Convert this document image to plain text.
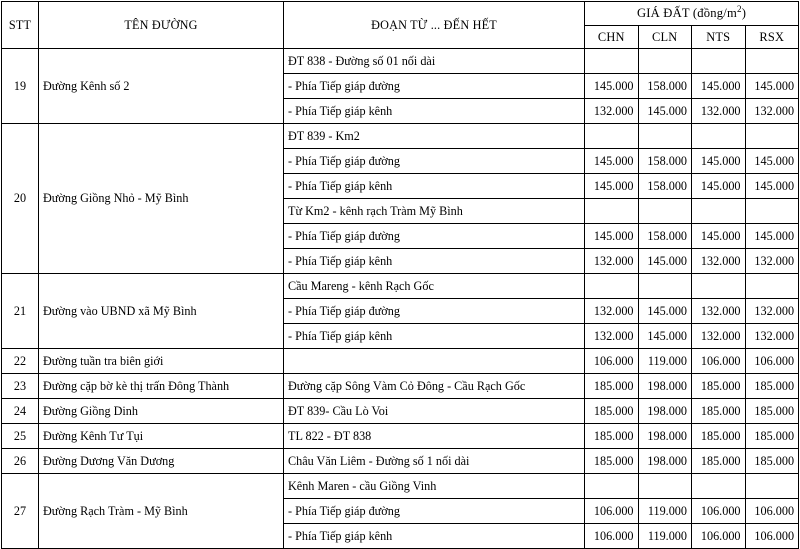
STT	TÊN ĐƯỜNG	ĐOẠN TỪ ... ĐẾN HẾT	GIÁ ĐẤT $(đồng/m^2)$			
			CHN	CLN	NTS	RSX
19	Đường Kênh số 2	ĐT 838 - Đường số 01 nối dài				
		- Phía Tiếp giáp đường	145.000	158.000	145.000	145.000
		- Phía Tiếp giáp kênh	132.000	145.000	132.000	132.000
20	Đường Giồng Nhỏ - Mỹ Bình	ĐT 839 - Km2				
		- Phía Tiếp giáp đường	145.000	158.000	145.000	145.000
		- Phía Tiếp giáp kênh	145.000	158.000	145.000	145.000
		Từ Km2 - kênh rạch Tràm Mỹ Bình				
		- Phía Tiếp giáp đường	145.000	158.000	145.000	145.000
		- Phía Tiếp giáp kênh	132.000	145.000	132.000	132.000
21	Đường vào UBND xã Mỹ Bình	Cầu Mareng - kênh Rạch Gốc				
		- Phía Tiếp giáp đường	132.000	145.000	132.000	132.000
		- Phía Tiếp giáp kênh	132.000	145.000	132.000	132.000
22	Đường tuần tra biên giới		106.000	119.000	106.000	106.000
23	Đường cặp bờ kè thị trấn Đông Thành	Đường cặp Sông Vàm Cỏ Đông - Cầu Rạch Gốc	185.000	198.000	185.000	185.000
24	Đường Giồng Dinh	ĐT 839- Cầu Lò Voi	185.000	198.000	185.000	185.000
25	Đường Kênh Tư Tụi	TL 822 - ĐT 838	185.000	198.000	185.000	185.000
26	Đường Dương Văn Dương	Châu Văn Liêm - Đường số 1 nối dài	185.000	198.000	185.000	185.000
27	Đường Rạch Tràm - Mỹ Bình	Kênh Maren - cầu Giồng Vinh				
		- Phía Tiếp giáp đường	106.000	119.000	106.000	106.000
		- Phía Tiếp giáp kênh	106.000	119.000	106.000	106.000
